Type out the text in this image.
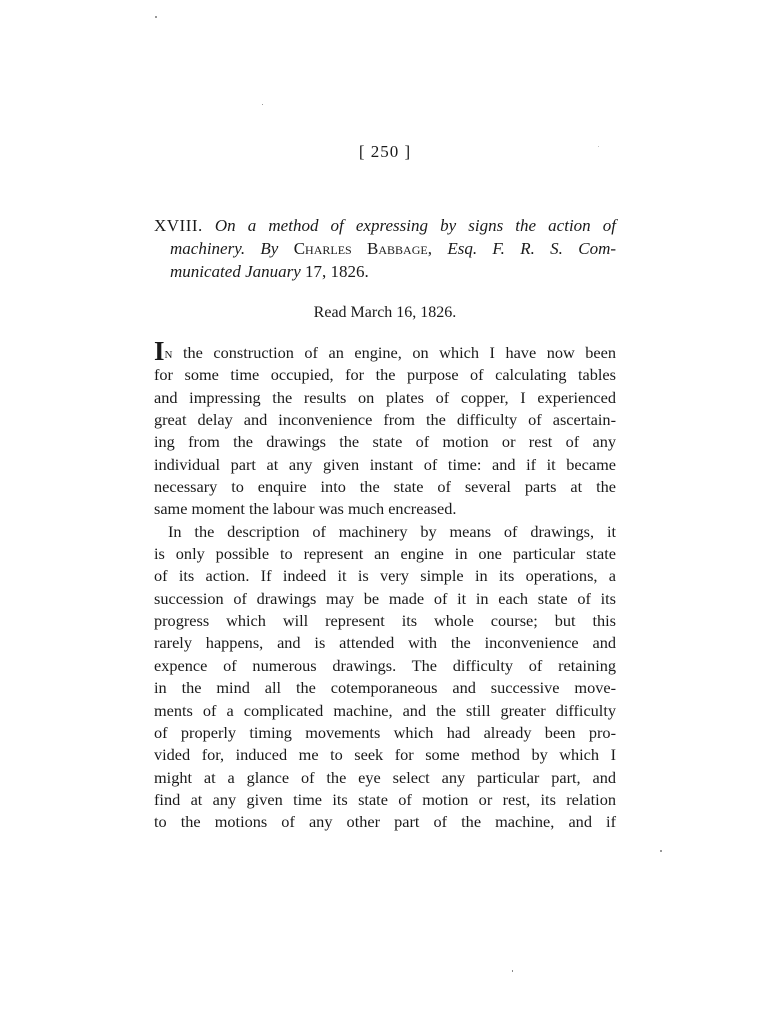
[ 250 ]
XVIII. On a method of expressing by signs the action of
machinery. By Charles Babbage, Esq. F. R. S. Com-
municated January 17, 1826.
Read March 16, 1826.
In the construction of an engine, on which I have now been
for some time occupied, for the purpose of calculating tables
and impressing the results on plates of copper, I experienced
great delay and inconvenience from the difficulty of ascertain-
ing from the drawings the state of motion or rest of any
individual part at any given instant of time: and if it became
necessary to enquire into the state of several parts at the
same moment the labour was much encreased.
In the description of machinery by means of drawings, it
is only possible to represent an engine in one particular state
of its action. If indeed it is very simple in its operations, a
succession of drawings may be made of it in each state of its
progress which will represent its whole course; but this
rarely happens, and is attended with the inconvenience and
expence of numerous drawings. The difficulty of retaining
in the mind all the cotemporaneous and successive move-
ments of a complicated machine, and the still greater difficulty
of properly timing movements which had already been pro-
vided for, induced me to seek for some method by which I
might at a glance of the eye select any particular part, and
find at any given time its state of motion or rest, its relation
to the motions of any other part of the machine, and if
